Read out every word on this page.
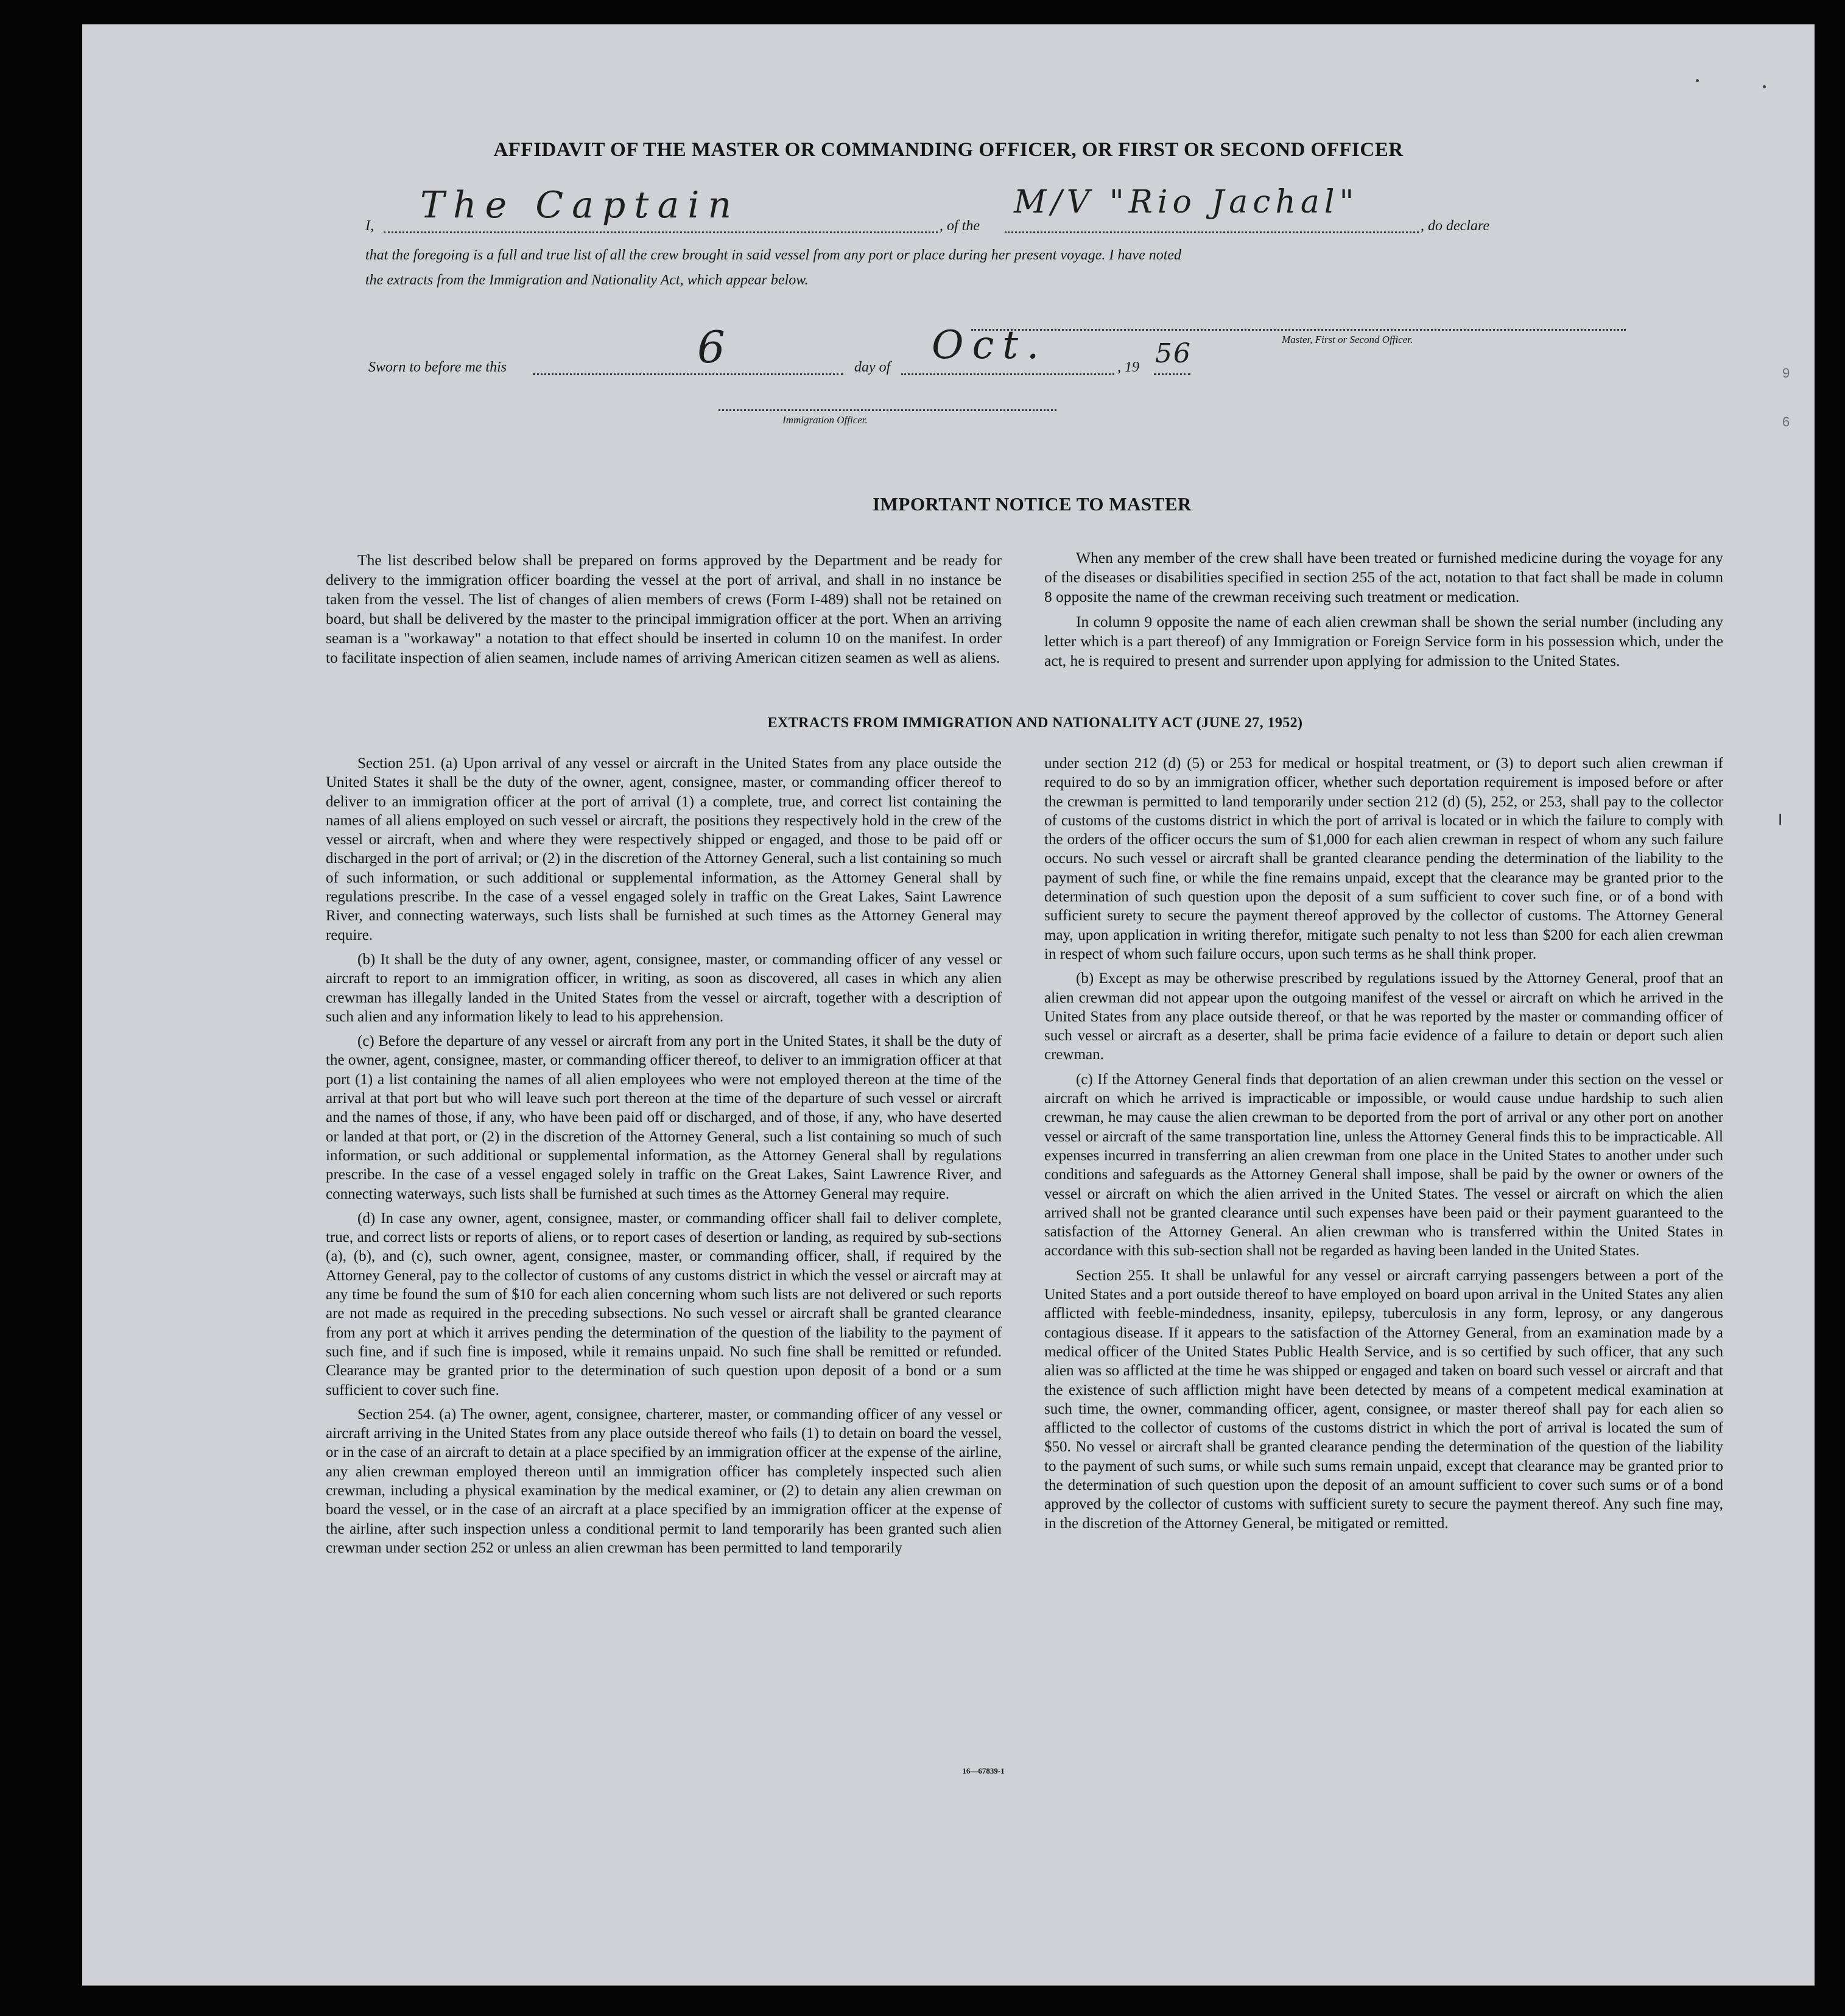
9
6
I
AFFIDAVIT OF THE MASTER OR COMMANDING OFFICER, OR FIRST OR SECOND OFFICER
I, The Captain	, of the
M/V "Rio Jachal"
, do declare
that the foregoing is a full and true list of all the crew brought in said vessel from any port or place during her present voyage. I have noted
the extracts from the Immigration and Nationality Act, which appear below.
Master, First or Second Officer.
Sworn to before me this	6	day of Oct.	, 19 56
Immigration Officer.
IMPORTANT NOTICE TO MASTER

The list described below shall be prepared on forms approved by the Department and be ready for delivery to the immigration officer boarding the vessel at the port of arrival, and shall in no instance be taken from the vessel. The list of changes of alien members of crews (Form I-489) shall not be retained on board, but shall be delivered by the master to the principal immigration officer at the port. When an arriving seaman is a "workaway" a notation to that effect should be inserted in column 10 on the manifest. In order to facilitate inspection of alien seamen, include names of arriving American citizen seamen as well as aliens.

When any member of the crew shall have been treated or furnished medicine during the voyage for any of the diseases or disabilities specified in section 255 of the act, notation to that fact shall be made in column 8 opposite the name of the crewman receiving such treatment or medication.

In column 9 opposite the name of each alien crewman shall be shown the serial number (including any letter which is a part thereof) of any Immigration or Foreign Service form in his possession which, under the act, he is required to present and surrender upon applying for admission to the United States.

EXTRACTS FROM IMMIGRATION AND NATIONALITY ACT (JUNE 27, 1952)

Section 251. (a) Upon arrival of any vessel or aircraft in the United States from any place outside the United States it shall be the duty of the owner, agent, consignee, master, or commanding officer thereof to deliver to an immigration officer at the port of arrival (1) a complete, true, and correct list containing the names of all aliens employed on such vessel or aircraft, the positions they respectively hold in the crew of the vessel or aircraft, when and where they were respectively shipped or engaged, and those to be paid off or discharged in the port of arrival; or (2) in the discretion of the Attorney General, such a list containing so much of such information, or such additional or supplemental information, as the Attorney General shall by regulations prescribe. In the case of a vessel engaged solely in traffic on the Great Lakes, Saint Lawrence River, and connecting waterways, such lists shall be furnished at such times as the Attorney General may require.

(b) It shall be the duty of any owner, agent, consignee, master, or commanding officer of any vessel or aircraft to report to an immigration officer, in writing, as soon as discovered, all cases in which any alien crewman has illegally landed in the United States from the vessel or aircraft, together with a description of such alien and any information likely to lead to his apprehension.

(c) Before the departure of any vessel or aircraft from any port in the United States, it shall be the duty of the owner, agent, consignee, master, or commanding officer thereof, to deliver to an immigration officer at that port (1) a list containing the names of all alien employees who were not employed thereon at the time of the arrival at that port but who will leave such port thereon at the time of the departure of such vessel or aircraft and the names of those, if any, who have been paid off or discharged, and of those, if any, who have deserted or landed at that port, or (2) in the discretion of the Attorney General, such a list containing so much of such information, or such additional or supplemental information, as the Attorney General shall by regulations prescribe. In the case of a vessel engaged solely in traffic on the Great Lakes, Saint Lawrence River, and connecting waterways, such lists shall be furnished at such times as the Attorney General may require.

(d) In case any owner, agent, consignee, master, or commanding officer shall fail to deliver complete, true, and correct lists or reports of aliens, or to report cases of desertion or landing, as required by sub-sections (a), (b), and (c), such owner, agent, consignee, master, or commanding officer, shall, if required by the Attorney General, pay to the collector of customs of any customs district in which the vessel or aircraft may at any time be found the sum of $10 for each alien concerning whom such lists are not delivered or such reports are not made as required in the preceding subsections. No such vessel or aircraft shall be granted clearance from any port at which it arrives pending the determination of the question of the liability to the payment of such fine, and if such fine is imposed, while it remains unpaid. No such fine shall be remitted or refunded. Clearance may be granted prior to the determination of such question upon deposit of a bond or a sum sufficient to cover such fine.

Section 254. (a) The owner, agent, consignee, charterer, master, or commanding officer of any vessel or aircraft arriving in the United States from any place outside thereof who fails (1) to detain on board the vessel, or in the case of an aircraft to detain at a place specified by an immigration officer at the expense of the airline, any alien crewman employed thereon until an immigration officer has completely inspected such alien crewman, including a physical examination by the medical examiner, or (2) to detain any alien crewman on board the vessel, or in the case of an aircraft at a place specified by an immigration officer at the expense of the airline, after such inspection unless a conditional permit to land temporarily has been granted such alien crewman under section 252 or unless an alien crewman has been permitted to land temporarily

under section 212 (d) (5) or 253 for medical or hospital treatment, or (3) to deport such alien crewman if required to do so by an immigration officer, whether such deportation requirement is imposed before or after the crewman is permitted to land temporarily under section 212 (d) (5), 252, or 253, shall pay to the collector of customs of the customs district in which the port of arrival is located or in which the failure to comply with the orders of the officer occurs the sum of $1,000 for each alien crewman in respect of whom any such failure occurs. No such vessel or aircraft shall be granted clearance pending the determination of the liability to the payment of such fine, or while the fine remains unpaid, except that the clearance may be granted prior to the determination of such question upon the deposit of a sum sufficient to cover such fine, or of a bond with sufficient surety to secure the payment thereof approved by the collector of customs. The Attorney General may, upon application in writing therefor, mitigate such penalty to not less than $200 for each alien crewman in respect of whom such failure occurs, upon such terms as he shall think proper.

(b) Except as may be otherwise prescribed by regulations issued by the Attorney General, proof that an alien crewman did not appear upon the outgoing manifest of the vessel or aircraft on which he arrived in the United States from any place outside thereof, or that he was reported by the master or commanding officer of such vessel or aircraft as a deserter, shall be prima facie evidence of a failure to detain or deport such alien crewman.

(c) If the Attorney General finds that deportation of an alien crewman under this section on the vessel or aircraft on which he arrived is impracticable or impossible, or would cause undue hardship to such alien crewman, he may cause the alien crewman to be deported from the port of arrival or any other port on another vessel or aircraft of the same transportation line, unless the Attorney General finds this to be impracticable. All expenses incurred in transferring an alien crewman from one place in the United States to another under such conditions and safeguards as the Attorney General shall impose, shall be paid by the owner or owners of the vessel or aircraft on which the alien arrived in the United States. The vessel or aircraft on which the alien arrived shall not be granted clearance until such expenses have been paid or their payment guaranteed to the satisfaction of the Attorney General. An alien crewman who is transferred within the United States in accordance with this sub-section shall not be regarded as having been landed in the United States.

Section 255. It shall be unlawful for any vessel or aircraft carrying passengers between a port of the United States and a port outside thereof to have employed on board upon arrival in the United States any alien afflicted with feeble-mindedness, insanity, epilepsy, tuberculosis in any form, leprosy, or any dangerous contagious disease. If it appears to the satisfaction of the Attorney General, from an examination made by a medical officer of the United States Public Health Service, and is so certified by such officer, that any such alien was so afflicted at the time he was shipped or engaged and taken on board such vessel or aircraft and that the existence of such affliction might have been detected by means of a competent medical examination at such time, the owner, commanding officer, agent, consignee, or master thereof shall pay for each alien so afflicted to the collector of customs of the customs district in which the port of arrival is located the sum of $50. No vessel or aircraft shall be granted clearance pending the determination of the question of the liability to the payment of such sums, or while such sums remain unpaid, except that clearance may be granted prior to the determination of such question upon the deposit of an amount sufficient to cover such sums or of a bond approved by the collector of customs with sufficient surety to secure the payment thereof. Any such fine may, in the discretion of the Attorney General, be mitigated or remitted.

16—67839-1
